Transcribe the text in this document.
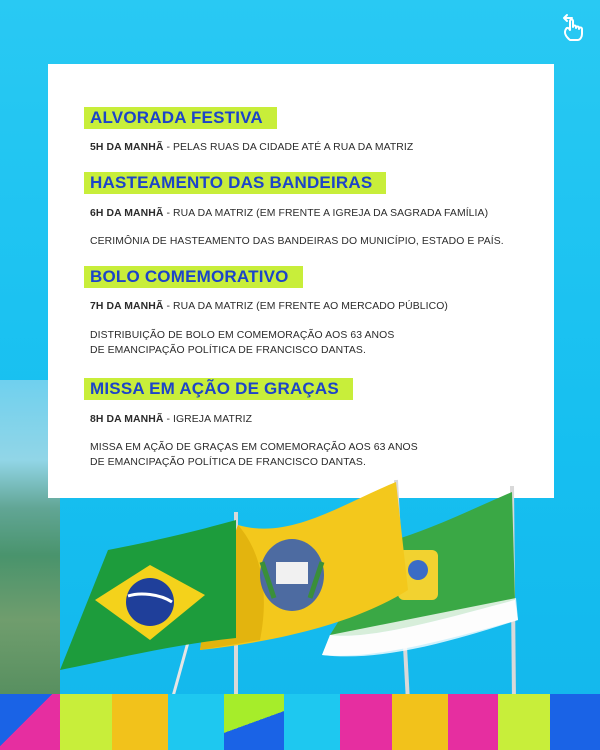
ALVORADA FESTIVA
5H DA MANHÃ - PELAS RUAS DA CIDADE ATÉ A RUA DA MATRIZ
HASTEAMENTO DAS BANDEIRAS
6H DA MANHÃ - RUA DA MATRIZ (EM FRENTE A IGREJA DA SAGRADA FAMÍLIA)
CERIMÔNIA DE HASTEAMENTO DAS BANDEIRAS DO MUNICÍPIO, ESTADO E PAÍS.
BOLO COMEMORATIVO
7H DA MANHÃ - RUA DA MATRIZ (EM FRENTE AO MERCADO PÚBLICO)
DISTRIBUIÇÃO DE BOLO EM COMEMORAÇÃO AOS 63 ANOS
DE EMANCIPAÇÃO POLÍTICA DE FRANCISCO DANTAS.
MISSA EM AÇÃO DE GRAÇAS
8H DA MANHÃ - IGREJA MATRIZ
MISSA EM AÇÃO DE GRAÇAS EM COMEMORAÇÃO AOS 63 ANOS
DE EMANCIPAÇÃO POLÍTICA DE FRANCISCO DANTAS.
